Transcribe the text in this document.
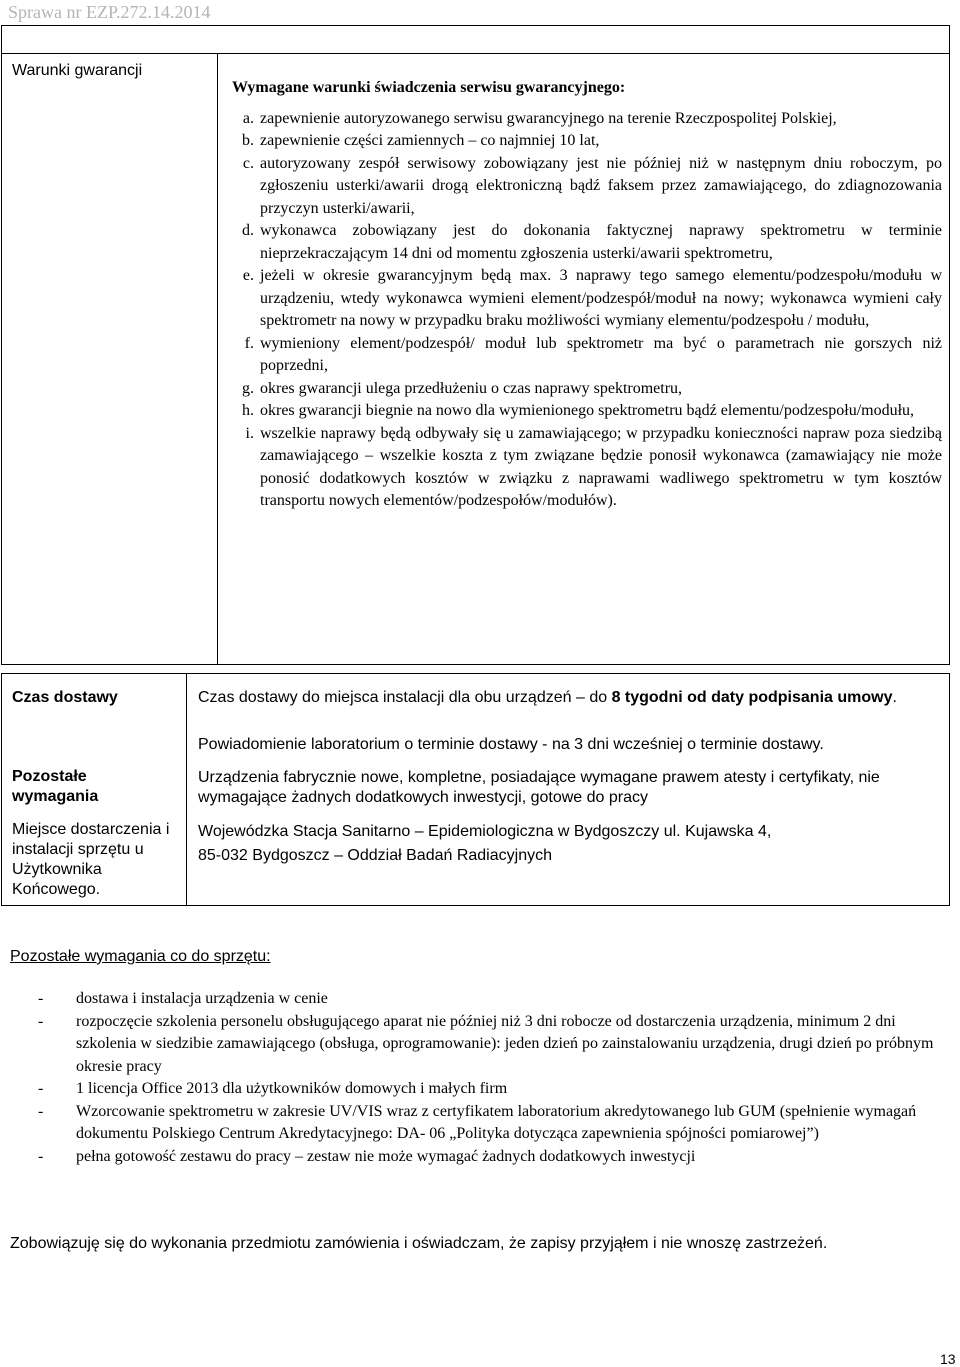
Sprawa nr EZP.272.14.2014
Warunki gwarancji
Wymagane warunki świadczenia serwisu gwarancyjnego:
a. zapewnienie autoryzowanego serwisu gwarancyjnego na terenie Rzeczpospolitej Polskiej,
b. zapewnienie części zamiennych – co najmniej 10 lat,
c. autoryzowany zespół serwisowy zobowiązany jest nie później niż w następnym dniu roboczym, po zgłoszeniu usterki/awarii drogą elektroniczną bądź faksem przez zamawiającego, do zdiagnozowania przyczyn usterki/awarii,
d. wykonawca zobowiązany jest do dokonania faktycznej naprawy spektrometru w terminie nieprzekraczającym 14 dni od momentu zgłoszenia usterki/awarii spektrometru,
e. jeżeli w okresie gwarancyjnym będą max. 3 naprawy tego samego elementu/podzespołu/modułu w urządzeniu, wtedy wykonawca wymieni element/podzespół/moduł na nowy; wykonawca wymieni cały spektrometr na nowy w przypadku braku możliwości wymiany elementu/podzespołu / modułu,
f. wymieniony element/podzespół/ moduł lub spektrometr ma być o parametrach nie gorszych niż poprzedni,
g. okres gwarancji ulega przedłużeniu o czas naprawy spektrometru,
h. okres gwarancji biegnie na nowo dla wymienionego spektrometru bądź elementu/podzespołu/modułu,
i. wszelkie naprawy będą odbywały się u zamawiającego; w przypadku konieczności napraw poza siedzibą zamawiającego – wszelkie koszta z tym związane będzie ponosił wykonawca (zamawiający nie może ponosić dodatkowych kosztów w związku z naprawami wadliwego spektrometru w tym kosztów transportu nowych elementów/podzespołów/modułów).
Czas dostawy
Pozostałe wymagania
Miejsce dostarczenia i instalacji sprzętu u Użytkownika Końcowego.
Czas dostawy do miejsca instalacji dla obu urządzeń – do 8 tygodni od daty podpisania umowy.
Powiadomienie laboratorium o terminie dostawy - na 3 dni wcześniej o terminie dostawy.
Urządzenia fabrycznie nowe, kompletne, posiadające wymagane prawem atesty i certyfikaty, nie wymagające żadnych dodatkowych inwestycji, gotowe do pracy
Wojewódzka Stacja Sanitarno – Epidemiologiczna w Bydgoszczy ul. Kujawska 4,
85-032 Bydgoszcz – Oddział Badań Radiacyjnych
Pozostałe wymagania co do sprzętu:
- dostawa i instalacja urządzenia w cenie
- rozpoczęcie szkolenia personelu obsługującego aparat nie później niż 3 dni robocze od dostarczenia urządzenia, minimum 2 dni szkolenia w siedzibie zamawiającego (obsługa, oprogramowanie): jeden dzień po zainstalowaniu urządzenia, drugi dzień po próbnym okresie pracy
- 1 licencja Office 2013 dla użytkowników domowych i małych firm
- Wzorcowanie spektrometru w zakresie UV/VIS wraz z certyfikatem laboratorium akredytowanego lub GUM (spełnienie wymagań dokumentu Polskiego Centrum Akredytacyjnego: DA- 06 „Polityka dotycząca zapewnienia spójności pomiarowej”)
- pełna gotowość zestawu do pracy – zestaw nie może wymagać żadnych dodatkowych inwestycji
Zobowiązuję się do wykonania przedmiotu zamówienia i oświadczam, że zapisy przyjąłem i nie wnoszę zastrzeżeń.
13
